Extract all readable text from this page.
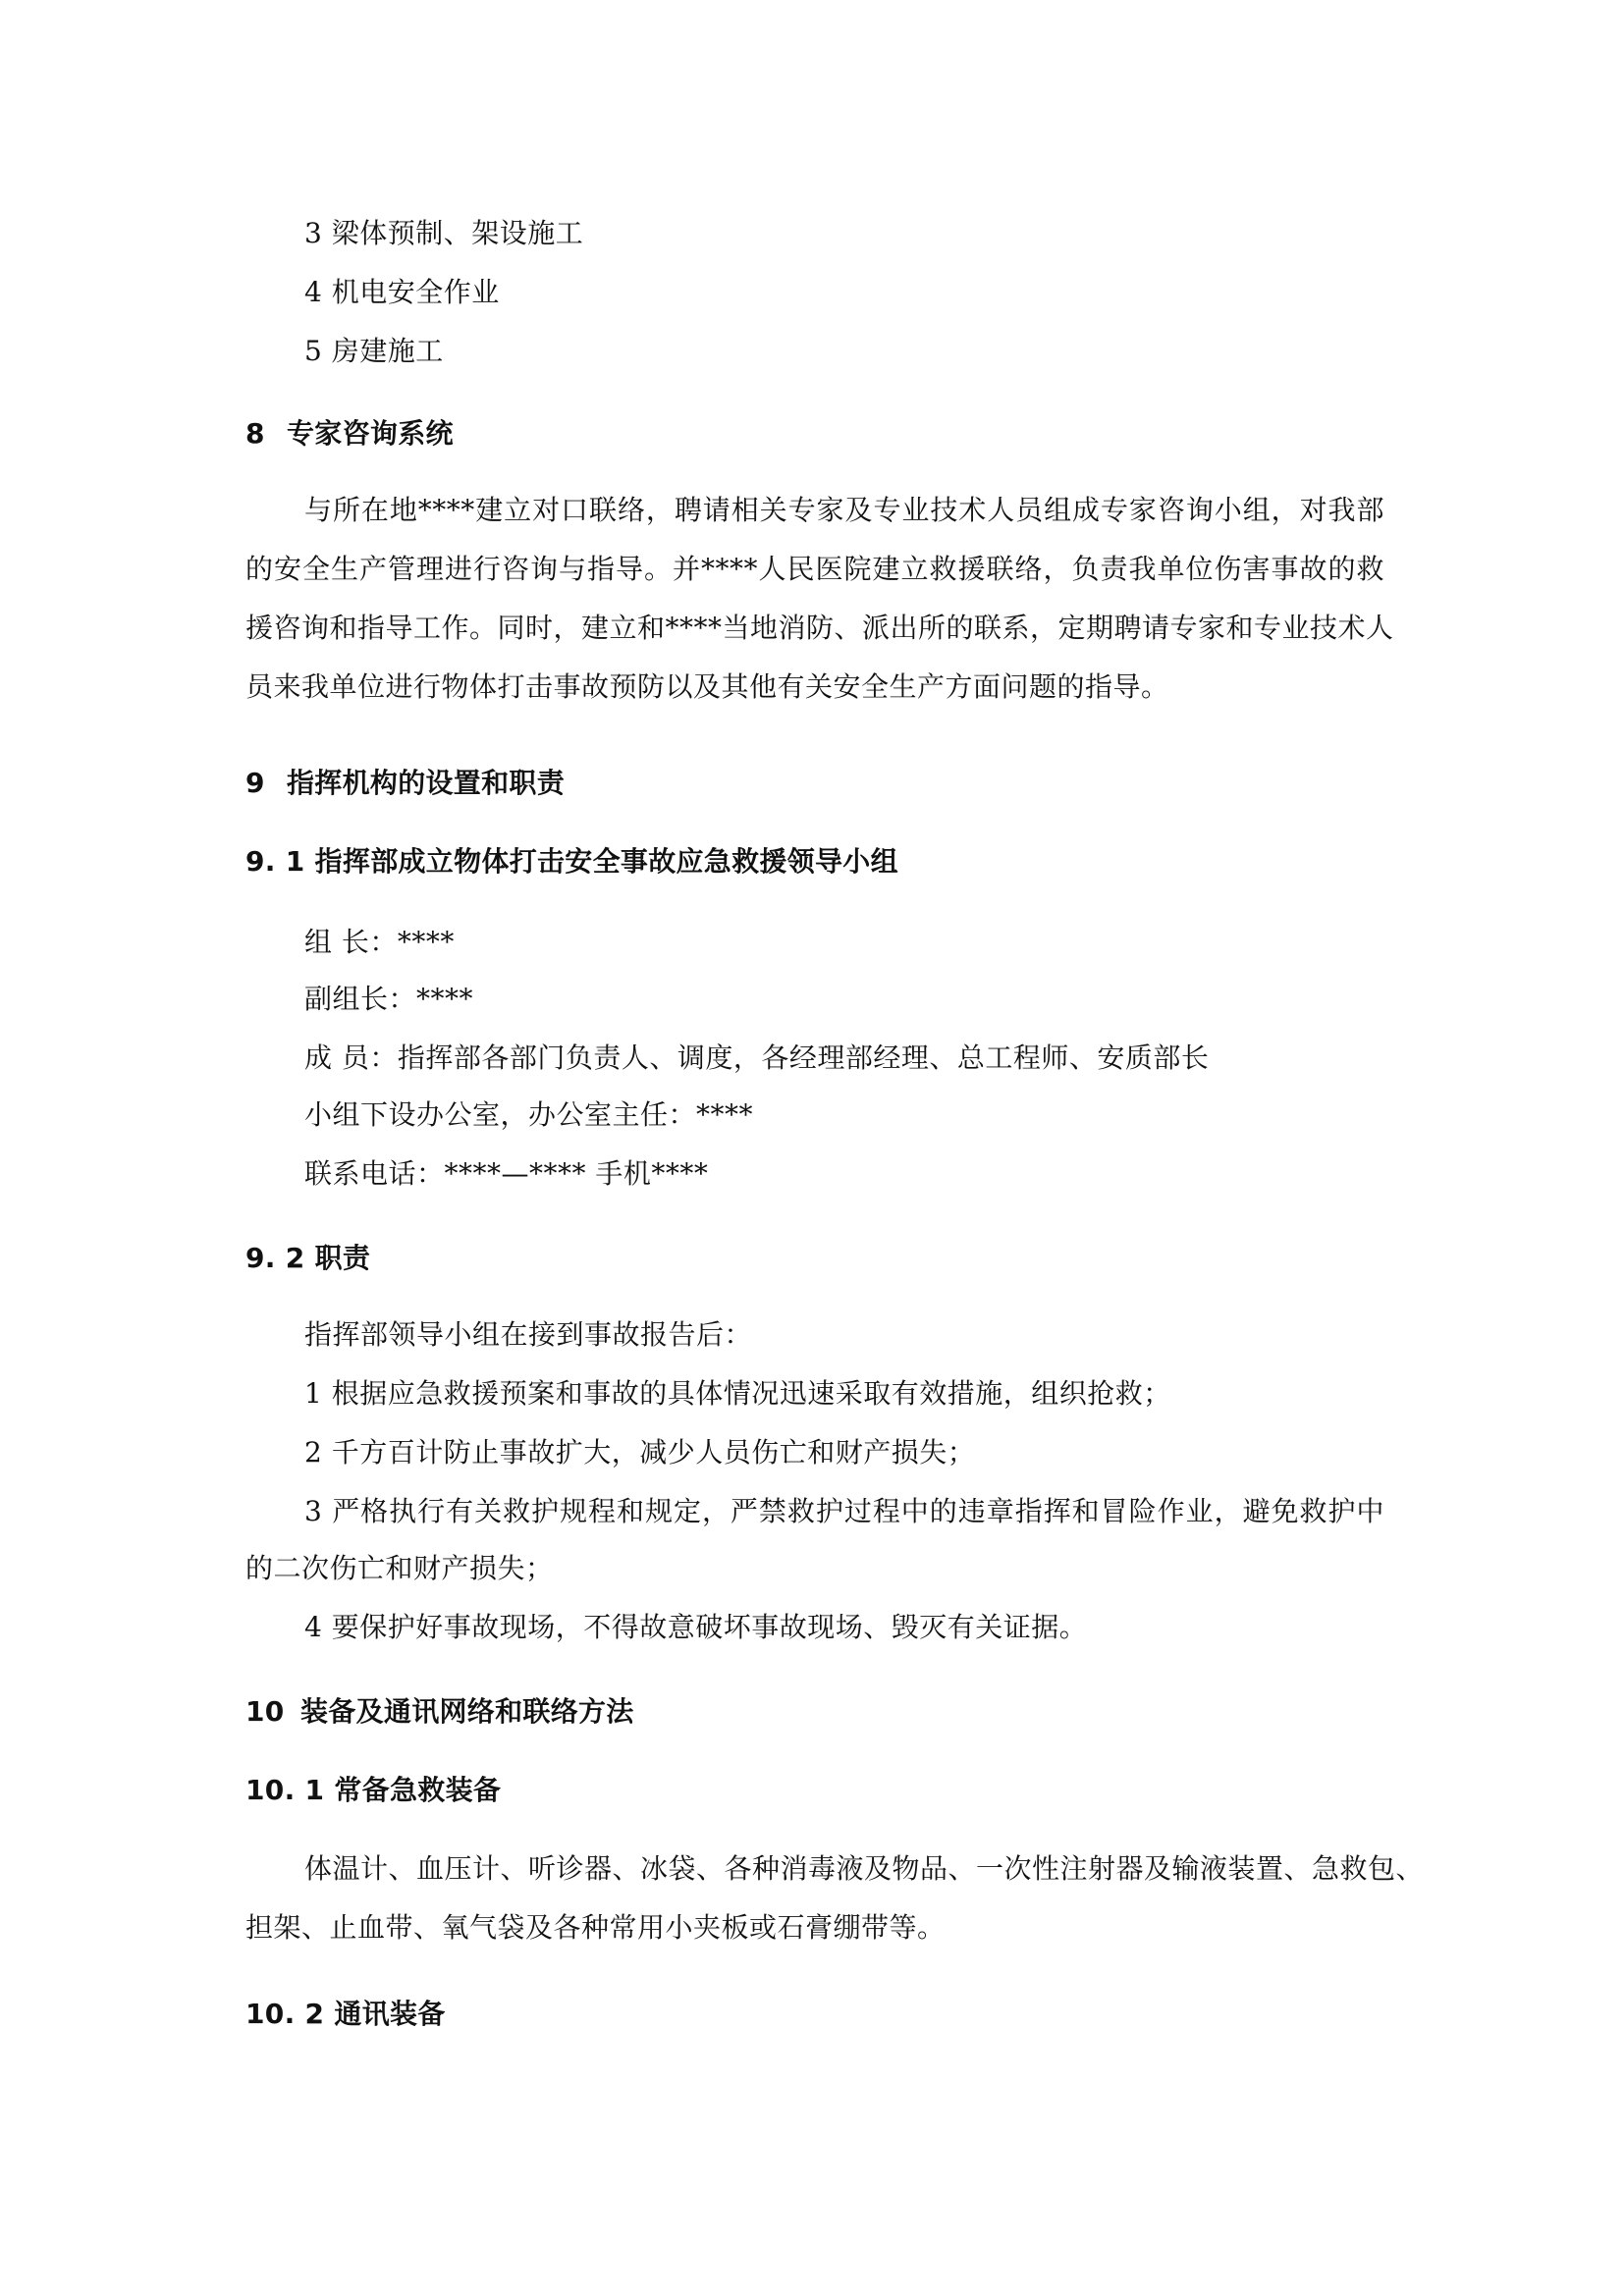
3 梁体预制、架设施工
4 机电安全作业
5 房建施工
8 专家咨询系统
与所在地****建立对口联络，聘请相关专家及专业技术人员组成专家咨询小组，对我部
的安全生产管理进行咨询与指导。并****人民医院建立救援联络，负责我单位伤害事故的救
援咨询和指导工作。同时，建立和****当地消防、派出所的联系，定期聘请专家和专业技术人
员来我单位进行物体打击事故预防以及其他有关安全生产方面问题的指导。
9 指挥机构的设置和职责
9. 1 指挥部成立物体打击安全事故应急救援领导小组
组 长：****
副组长：****
成 员：指挥部各部门负责人、调度，各经理部经理、总工程师、安质部长
小组下设办公室，办公室主任：****
联系电话：****—**** 手机****
9. 2 职责
指挥部领导小组在接到事故报告后：
1 根据应急救援预案和事故的具体情况迅速采取有效措施，组织抢救；
2 千方百计防止事故扩大，减少人员伤亡和财产损失；
3 严格执行有关救护规程和规定，严禁救护过程中的违章指挥和冒险作业，避免救护中
的二次伤亡和财产损失；
4 要保护好事故现场，不得故意破坏事故现场、毁灭有关证据。
10 装备及通讯网络和联络方法
10. 1 常备急救装备
体温计、血压计、听诊器、冰袋、各种消毒液及物品、一次性注射器及输液装置、急救包、
担架、止血带、氧气袋及各种常用小夹板或石膏绷带等。
10. 2 通讯装备
